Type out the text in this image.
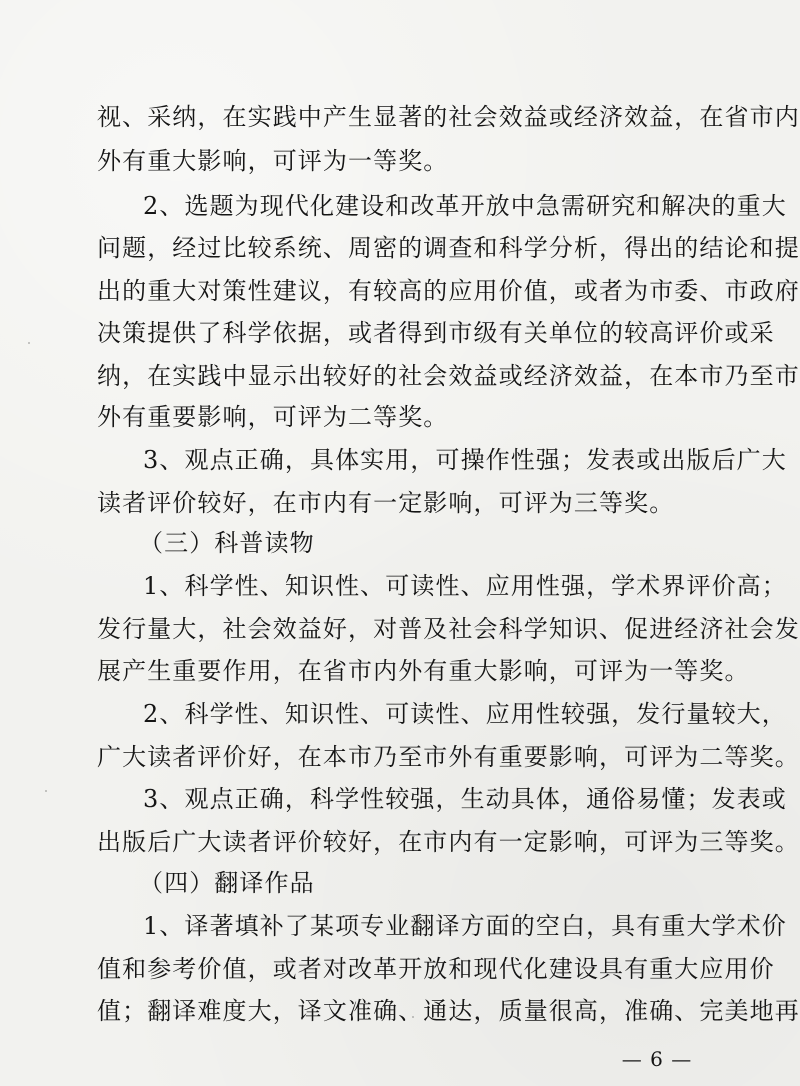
视、采纳，在实践中产生显著的社会效益或经济效益，在省市内

外有重大影响，可评为一等奖。

2、选题为现代化建设和改革开放中急需研究和解决的重大

问题，经过比较系统、周密的调查和科学分析，得出的结论和提

出的重大对策性建议，有较高的应用价值，或者为市委、市政府

决策提供了科学依据，或者得到市级有关单位的较高评价或采

纳，在实践中显示出较好的社会效益或经济效益，在本市乃至市

外有重要影响，可评为二等奖。

3、观点正确，具体实用，可操作性强；发表或出版后广大

读者评价较好，在市内有一定影响，可评为三等奖。

（三）科普读物

1、科学性、知识性、可读性、应用性强，学术界评价高；

发行量大，社会效益好，对普及社会科学知识、促进经济社会发

展产生重要作用，在省市内外有重大影响，可评为一等奖。

2、科学性、知识性、可读性、应用性较强，发行量较大，

广大读者评价好，在本市乃至市外有重要影响，可评为二等奖。

3、观点正确，科学性较强，生动具体，通俗易懂；发表或

出版后广大读者评价较好，在市内有一定影响，可评为三等奖。

（四）翻译作品

1、译著填补了某项专业翻译方面的空白，具有重大学术价

值和参考价值，或者对改革开放和现代化建设具有重大应用价

值；翻译难度大，译文准确、通达，质量很高，准确、完美地再

— 6 —
